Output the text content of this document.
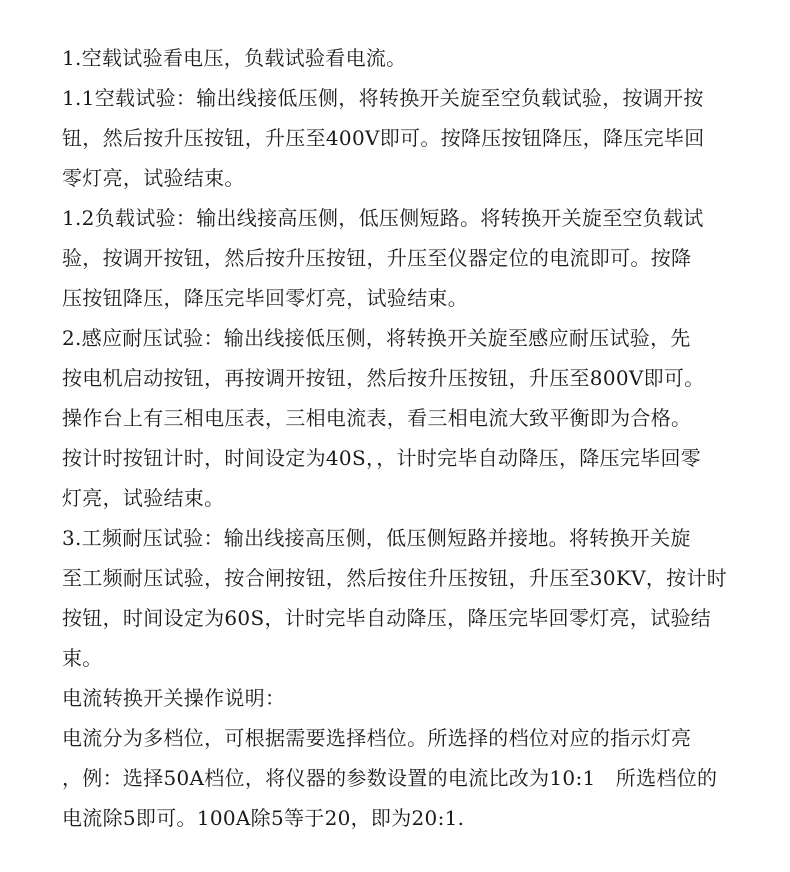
1.空载试验看电压，负载试验看电流。
1.1空载试验：输出线接低压侧，将转换开关旋至空负载试验，按调开按
钮，然后按升压按钮，升压至400V即可。按降压按钮降压，降压完毕回
零灯亮，试验结束。
1.2负载试验：输出线接高压侧，低压侧短路。将转换开关旋至空负载试
验，按调开按钮，然后按升压按钮，升压至仪器定位的电流即可。按降
压按钮降压，降压完毕回零灯亮，试验结束。
2.感应耐压试验：输出线接低压侧，将转换开关旋至感应耐压试验，先
按电机启动按钮，再按调开按钮，然后按升压按钮，升压至800V即可。
操作台上有三相电压表，三相电流表，看三相电流大致平衡即为合格。
按计时按钮计时，时间设定为40S，，计时完毕自动降压，降压完毕回零
灯亮，试验结束。
3.工频耐压试验：输出线接高压侧，低压侧短路并接地。将转换开关旋
至工频耐压试验，按合闸按钮，然后按住升压按钮，升压至30KV，按计时
按钮，时间设定为60S，计时完毕自动降压，降压完毕回零灯亮，试验结
束。
电流转换开关操作说明：
电流分为多档位，可根据需要选择档位。所选择的档位对应的指示灯亮
，例：选择50A档位，将仪器的参数设置的电流比改为10:1　所选档位的
电流除5即可。100A除5等于20，即为20:1.
